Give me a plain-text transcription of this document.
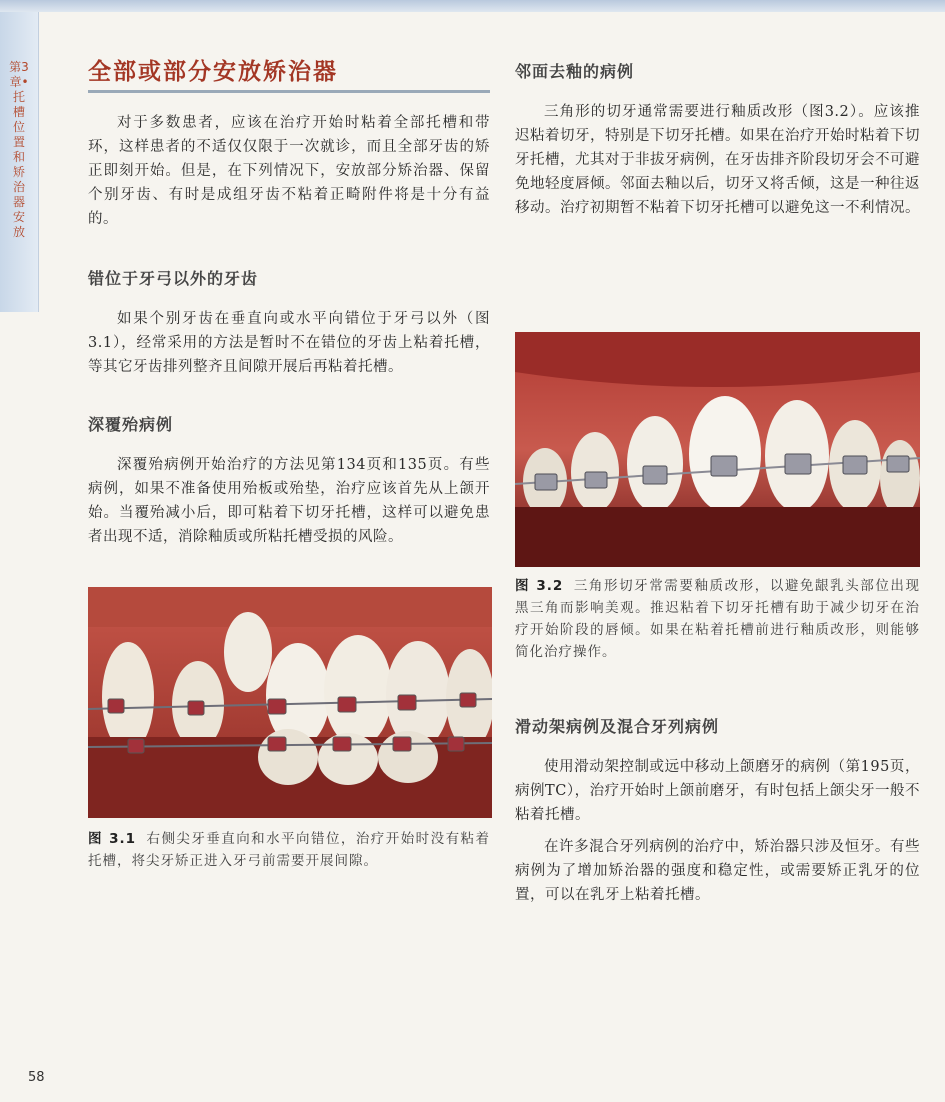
第3章•托槽位置和矫治器安放
58
全部或部分安放矫治器

对于多数患者，应该在治疗开始时粘着全部托槽和带环，这样患者的不适仅仅限于一次就诊，而且全部牙齿的矫正即刻开始。但是，在下列情况下，安放部分矫治器、保留个别牙齿、有时是成组牙齿不粘着正畸附件将是十分有益的。

错位于牙弓以外的牙齿

如果个别牙齿在垂直向或水平向错位于牙弓以外（图3.1），经常采用的方法是暂时不在错位的牙齿上粘着托槽，等其它牙齿排列整齐且间隙开展后再粘着托槽。

深覆殆病例

深覆殆病例开始治疗的方法见第134页和135页。有些病例，如果不准备使用殆板或殆垫，治疗应该首先从上颌开始。当覆殆减小后，即可粘着下切牙托槽，这样可以避免患者出现不适，消除釉质或所粘托槽受损的风险。

图 3.1 右侧尖牙垂直向和水平向错位，治疗开始时没有粘着托槽，将尖牙矫正进入牙弓前需要开展间隙。

邻面去釉的病例

三角形的切牙通常需要进行釉质改形（图3.2）。应该推迟粘着切牙，特别是下切牙托槽。如果在治疗开始时粘着下切牙托槽，尤其对于非拔牙病例，在牙齿排齐阶段切牙会不可避免地轻度唇倾。邻面去釉以后，切牙又将舌倾，这是一种往返移动。治疗初期暂不粘着下切牙托槽可以避免这一不利情况。

图 3.2 三角形切牙常需要釉质改形，以避免龈乳头部位出现黑三角而影响美观。推迟粘着下切牙托槽有助于减少切牙在治疗开始阶段的唇倾。如果在粘着托槽前进行釉质改形，则能够简化治疗操作。

滑动架病例及混合牙列病例

使用滑动架控制或远中移动上颌磨牙的病例（第195页，病例TC），治疗开始时上颌前磨牙，有时包括上颌尖牙一般不粘着托槽。

在许多混合牙列病例的治疗中，矫治器只涉及恒牙。有些病例为了增加矫治器的强度和稳定性，或需要矫正乳牙的位置，可以在乳牙上粘着托槽。
